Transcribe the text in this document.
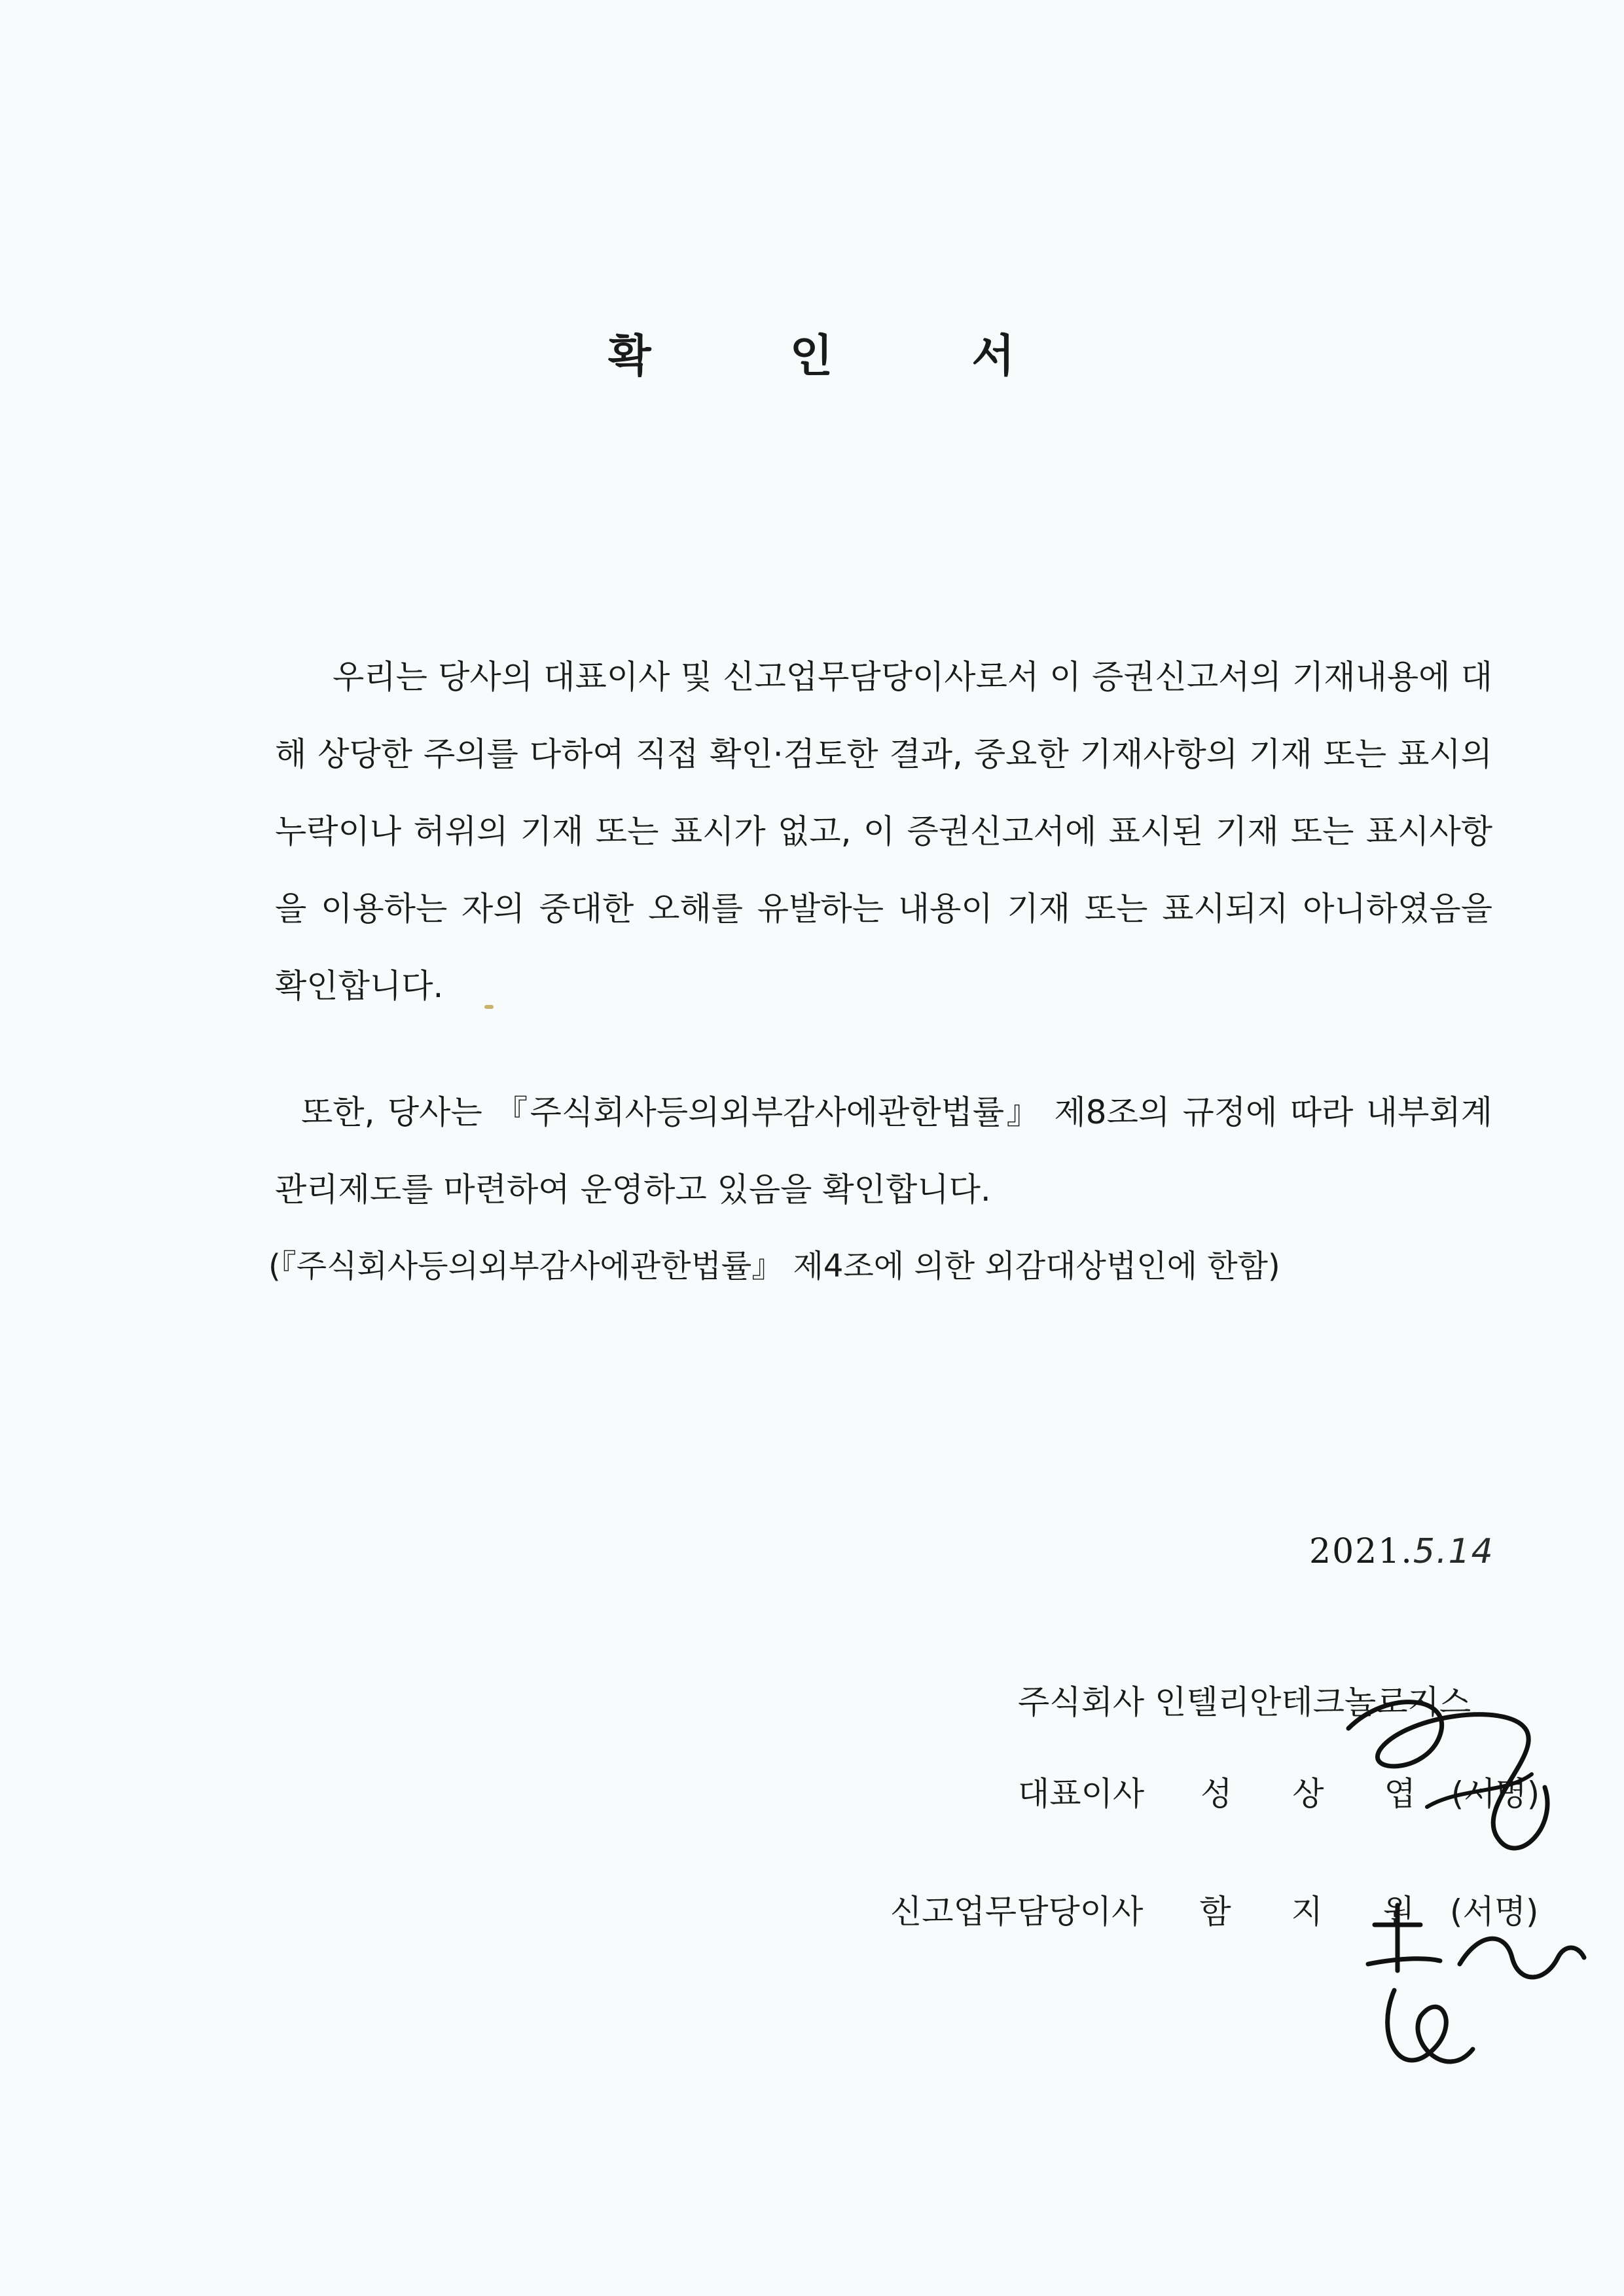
확	인	서
우리는 당사의 대표이사 및 신고업무담당이사로서 이 증권신고서의 기재내용에 대해 상당한 주의를 다하여 직접 확인·검토한 결과, 중요한 기재사항의 기재 또는 표시의 누락이나 허위의 기재 또는 표시가 없고, 이 증권신고서에 표시된 기재 또는 표시사항을 이용하는 자의 중대한 오해를 유발하는 내용이 기재 또는 표시되지 아니하였음을 확인합니다.
또한, 당사는 『주식회사등의외부감사에관한법률』 제8조의 규정에 따라 내부회계관리제도를 마련하여 운영하고 있음을 확인합니다.
(『주식회사등의외부감사에관한법률』 제4조에 의한 외감대상법인에 한함)
2021.5.14
주식회사 인텔리안테크놀로지스
대표이사 성 상 엽 (서명)
신고업무담당이사 함 지 원 (서명)
